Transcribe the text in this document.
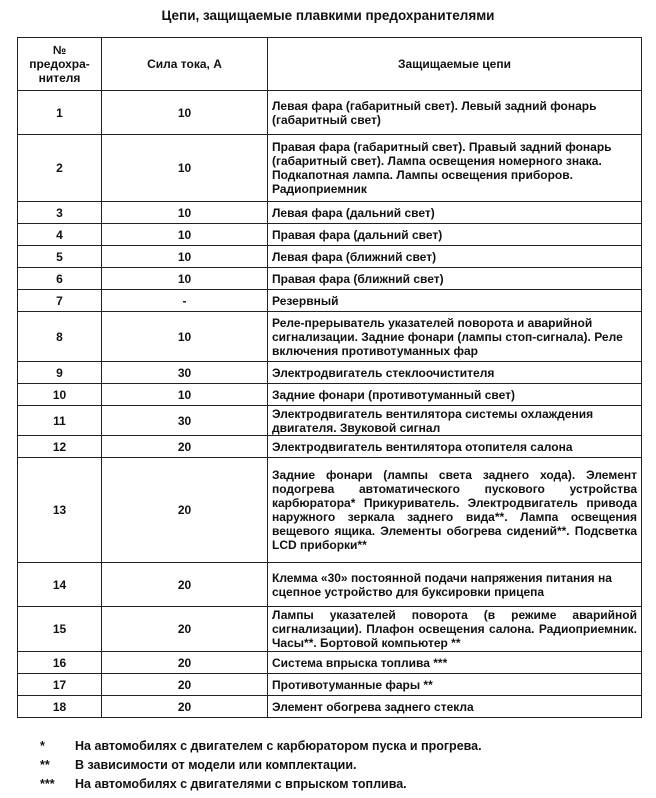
Цепи, защищаемые плавкими предохранителями
№ предохра-нителя	Сила тока, А	Защищаемые цепи
1	10	Левая фара (габаритный свет). Левый задний фонарь (габаритный свет)
2	10	Правая фара (габаритный свет). Правый задний фонарь (габаритный свет). Лампа освещения номерного знака. Подкапотная лампа. Лампы освещения приборов. Радиоприемник
3	10	Левая фара (дальний свет)
4	10	Правая фара (дальний свет)
5	10	Левая фара (ближний свет)
6	10	Правая фара (ближний свет)
7	-	Резервный
8	10	Реле-прерыватель указателей поворота и аварийной сигнализации. Задние фонари (лампы стоп-сигнала). Реле включения противотуманных фар
9	30	Электродвигатель стеклоочистителя
10	10	Задние фонари (противотуманный свет)
11	30	Электродвигатель вентилятора системы охлаждения двигателя. Звуковой сигнал
12	20	Электродвигатель вентилятора отопителя салона
13	20	Задние фонари (лампы света заднего хода). Элемент подогрева автоматического пускового устройства карбюратора* Прикуриватель. Электродвигатель привода наружного зеркала заднего вида**. Лампа освещения вещевого ящика. Элементы обогрева сидений**. Подсветка LCD приборки**
14	20	Клемма «30» постоянной подачи напряжения питания на сцепное устройство для буксировки прицепа
15	20	Лампы указателей поворота (в режиме аварийной сигнализации). Плафон освещения салона. Радиоприемник. Часы**. Бортовой компьютер **
16	20	Система впрыска топлива ***
17	20	Противотуманные фары **
18	20	Элемент обогрева заднего стекла
* На автомобилях с двигателем с карбюратором пуска и прогрева.
** В зависимости от модели или комплектации.
*** На автомобилях с двигателями с впрыском топлива.
